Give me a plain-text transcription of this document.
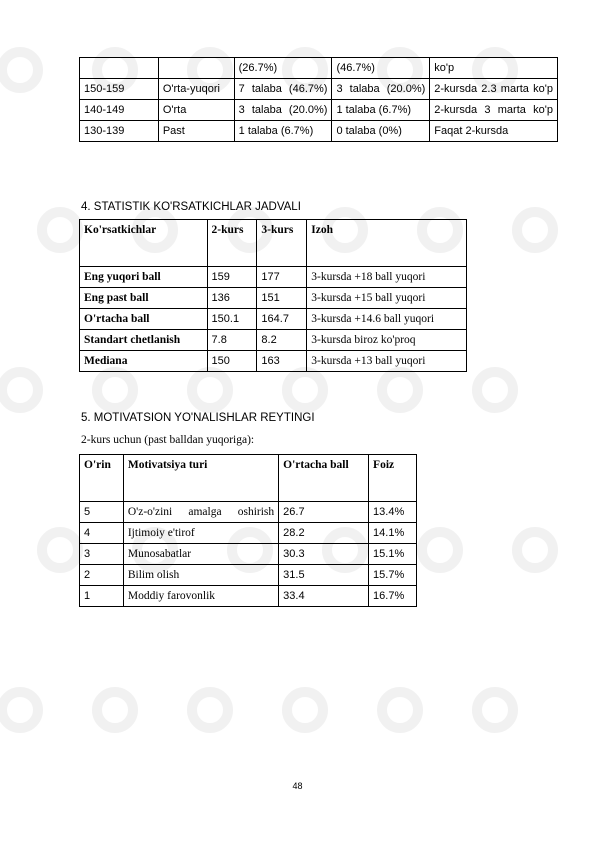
		(26.7%)	(46.7%)	ko'p
150-159	O'rta-yuqori	7 talaba (46.7%)	3 talaba (20.0%)	2-kursda 2.3 marta ko'p
140-149	O'rta	3 talaba (20.0%)	1 talaba (6.7%)	2-kursda 3 marta ko'p
130-139	Past	1 talaba (6.7%)	0 talaba (0%)	Faqat 2-kursda
4. STATISTIK KO'RSATKICHLAR JADVALI
Ko'rsatkichlar	2-kurs	3-kurs	Izoh
Eng yuqori ball	159	177	3-kursda +18 ball yuqori
Eng past ball	136	151	3-kursda +15 ball yuqori
O'rtacha ball	150.1	164.7	3-kursda +14.6 ball yuqori
Standart chetlanish	7.8	8.2	3-kursda biroz ko'proq
Mediana	150	163	3-kursda +13 ball yuqori
5. MOTIVATSION YO'NALISHLAR REYTINGI
2-kurs uchun (past balldan yuqoriga):
O'rin	Motivatsiya turi	O'rtacha ball	Foiz
5	O'z-o'zini amalga oshirish	26.7	13.4%
4	Ijtimoiy e'tirof	28.2	14.1%
3	Munosabatlar	30.3	15.1%
2	Bilim olish	31.5	15.7%
1	Moddiy farovonlik	33.4	16.7%
48
